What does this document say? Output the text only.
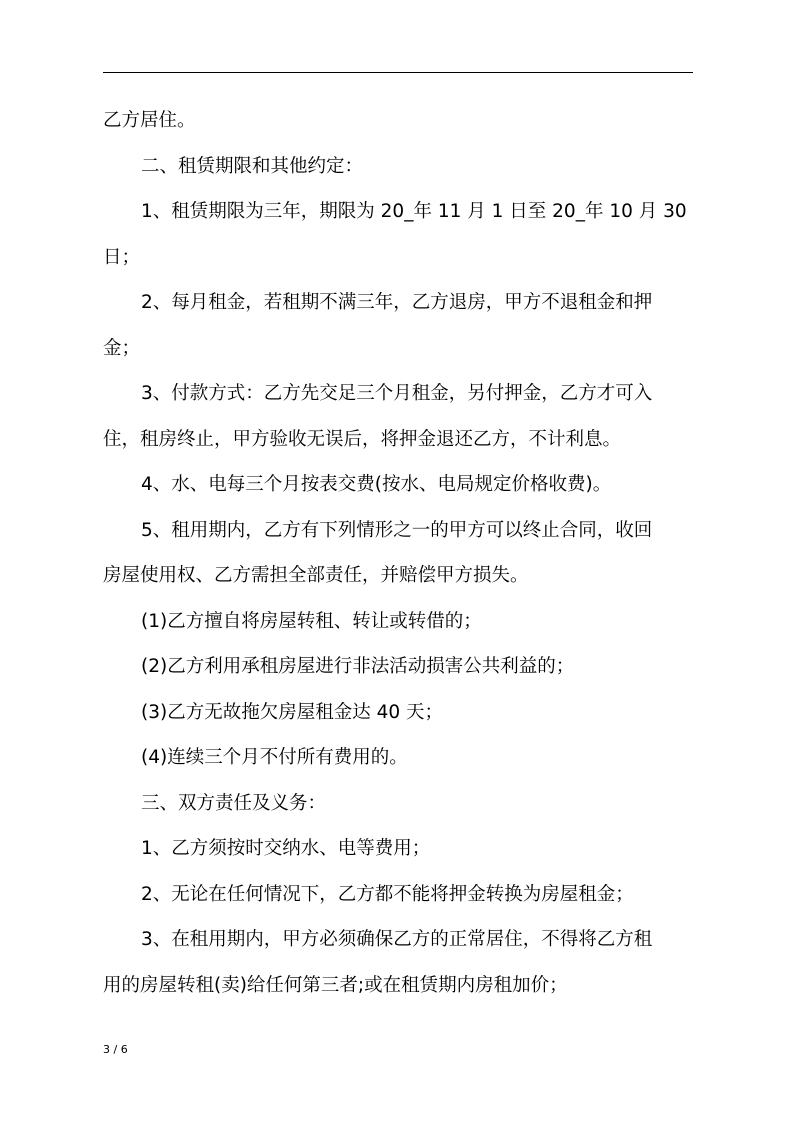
乙方居住。
二、租赁期限和其他约定：
1、租赁期限为三年，期限为 20_年 11 月 1 日至 20_年 10 月 30
日；
2、每月租金，若租期不满三年，乙方退房，甲方不退租金和押
金；
3、付款方式：乙方先交足三个月租金，另付押金，乙方才可入
住，租房终止，甲方验收无误后，将押金退还乙方，不计利息。
4、水、电每三个月按表交费(按水、电局规定价格收费)。
5、租用期内，乙方有下列情形之一的甲方可以终止合同，收回
房屋使用权、乙方需担全部责任，并赔偿甲方损失。
(1)乙方擅自将房屋转租、转让或转借的；
(2)乙方利用承租房屋进行非法活动损害公共利益的；
(3)乙方无故拖欠房屋租金达 40 天；
(4)连续三个月不付所有费用的。
三、双方责任及义务：
1、乙方须按时交纳水、电等费用；
2、无论在任何情况下，乙方都不能将押金转换为房屋租金；
3、在租用期内，甲方必须确保乙方的正常居住，不得将乙方租
用的房屋转租(卖)给任何第三者;或在租赁期内房租加价；
3 / 6
